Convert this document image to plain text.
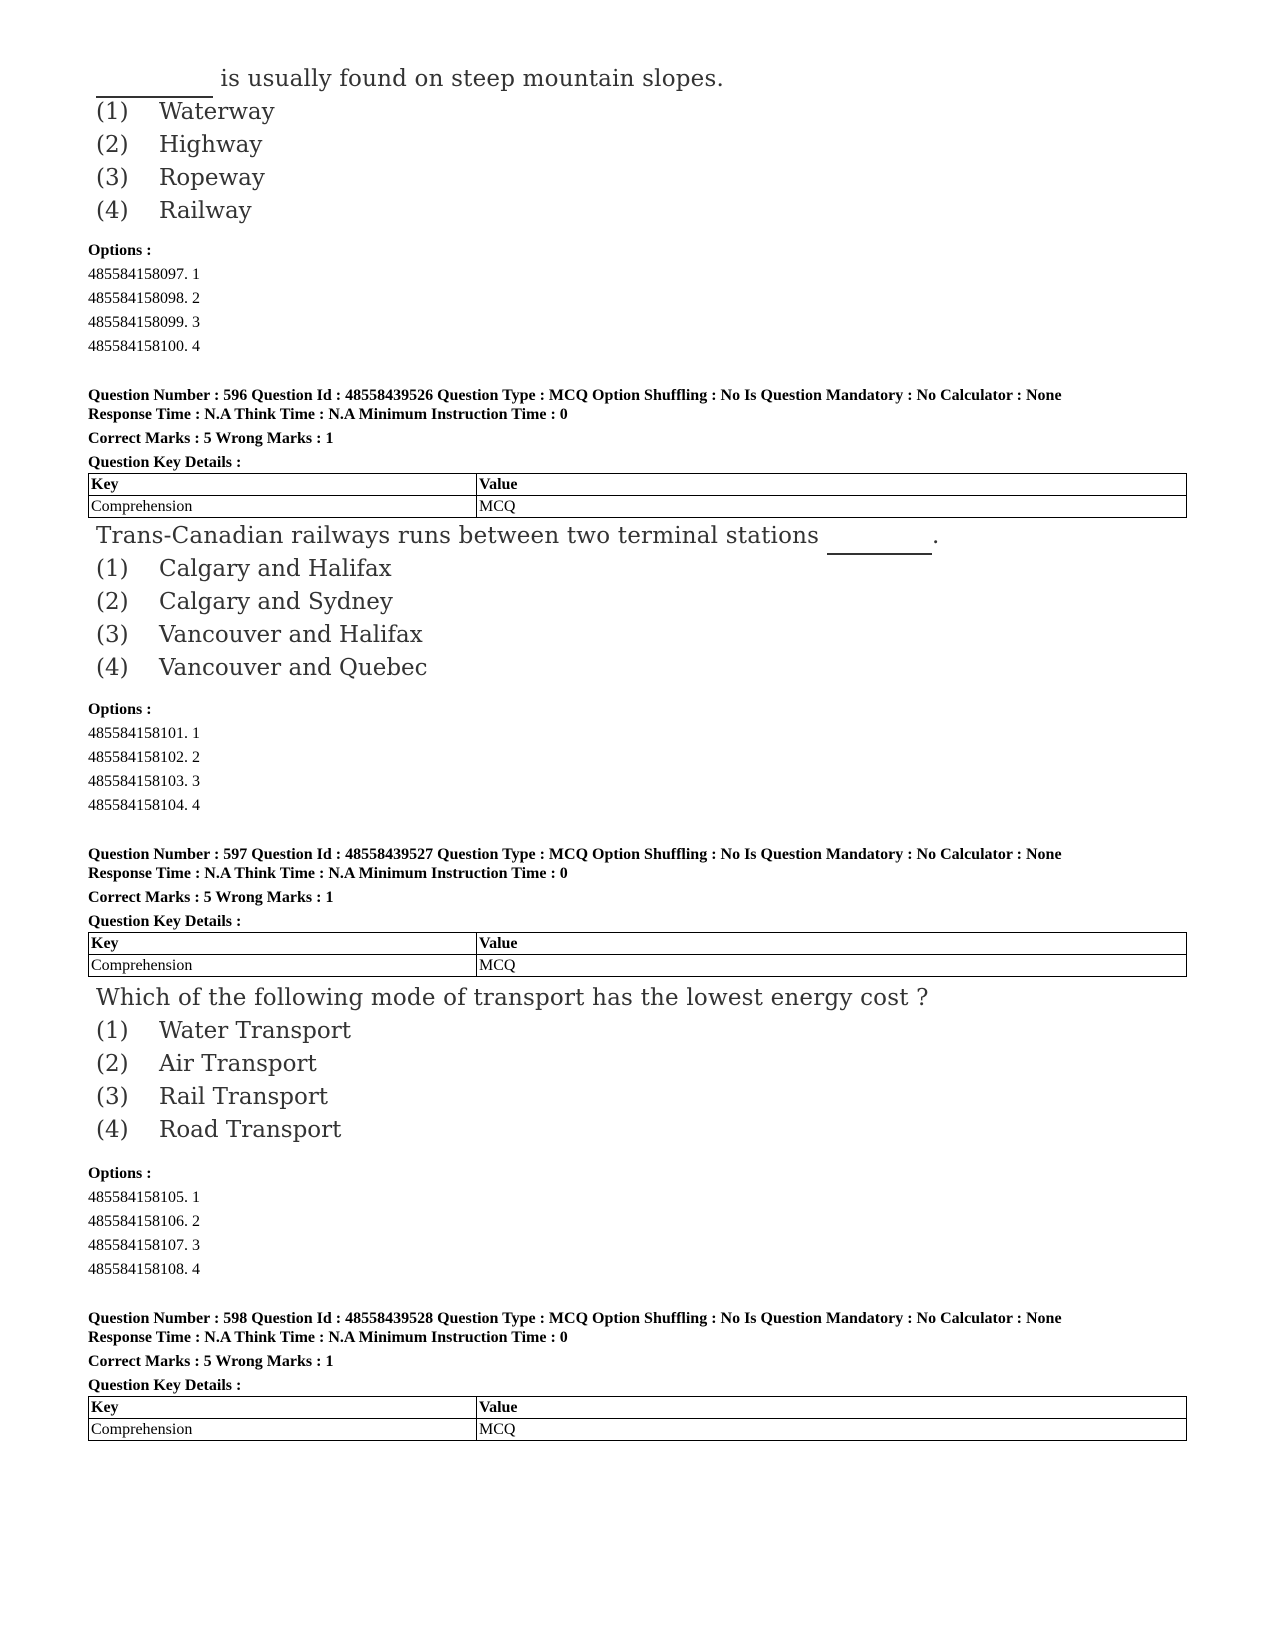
is usually found on steep mountain slopes.
(1) Waterway
(2) Highway
(3) Ropeway
(4) Railway
Options :
485584158097. 1
485584158098. 2
485584158099. 3
485584158100. 4
Question Number : 596 Question Id : 48558439526 Question Type : MCQ Option Shuffling : No Is Question Mandatory : No Calculator : None
Response Time : N.A Think Time : N.A Minimum Instruction Time : 0
Correct Marks : 5 Wrong Marks : 1
Question Key Details :
Key	Value
Comprehension	MCQ
Trans-Canadian railways runs between two terminal stations	.
(1) Calgary and Halifax
(2) Calgary and Sydney
(3) Vancouver and Halifax
(4) Vancouver and Quebec
Options :
485584158101. 1
485584158102. 2
485584158103. 3
485584158104. 4
Question Number : 597 Question Id : 48558439527 Question Type : MCQ Option Shuffling : No Is Question Mandatory : No Calculator : None
Response Time : N.A Think Time : N.A Minimum Instruction Time : 0
Correct Marks : 5 Wrong Marks : 1
Question Key Details :
Key	Value
Comprehension	MCQ
Which of the following mode of transport has the lowest energy cost ?
(1) Water Transport
(2) Air Transport
(3) Rail Transport
(4) Road Transport
Options :
485584158105. 1
485584158106. 2
485584158107. 3
485584158108. 4
Question Number : 598 Question Id : 48558439528 Question Type : MCQ Option Shuffling : No Is Question Mandatory : No Calculator : None
Response Time : N.A Think Time : N.A Minimum Instruction Time : 0
Correct Marks : 5 Wrong Marks : 1
Question Key Details :
Key	Value
Comprehension	MCQ
